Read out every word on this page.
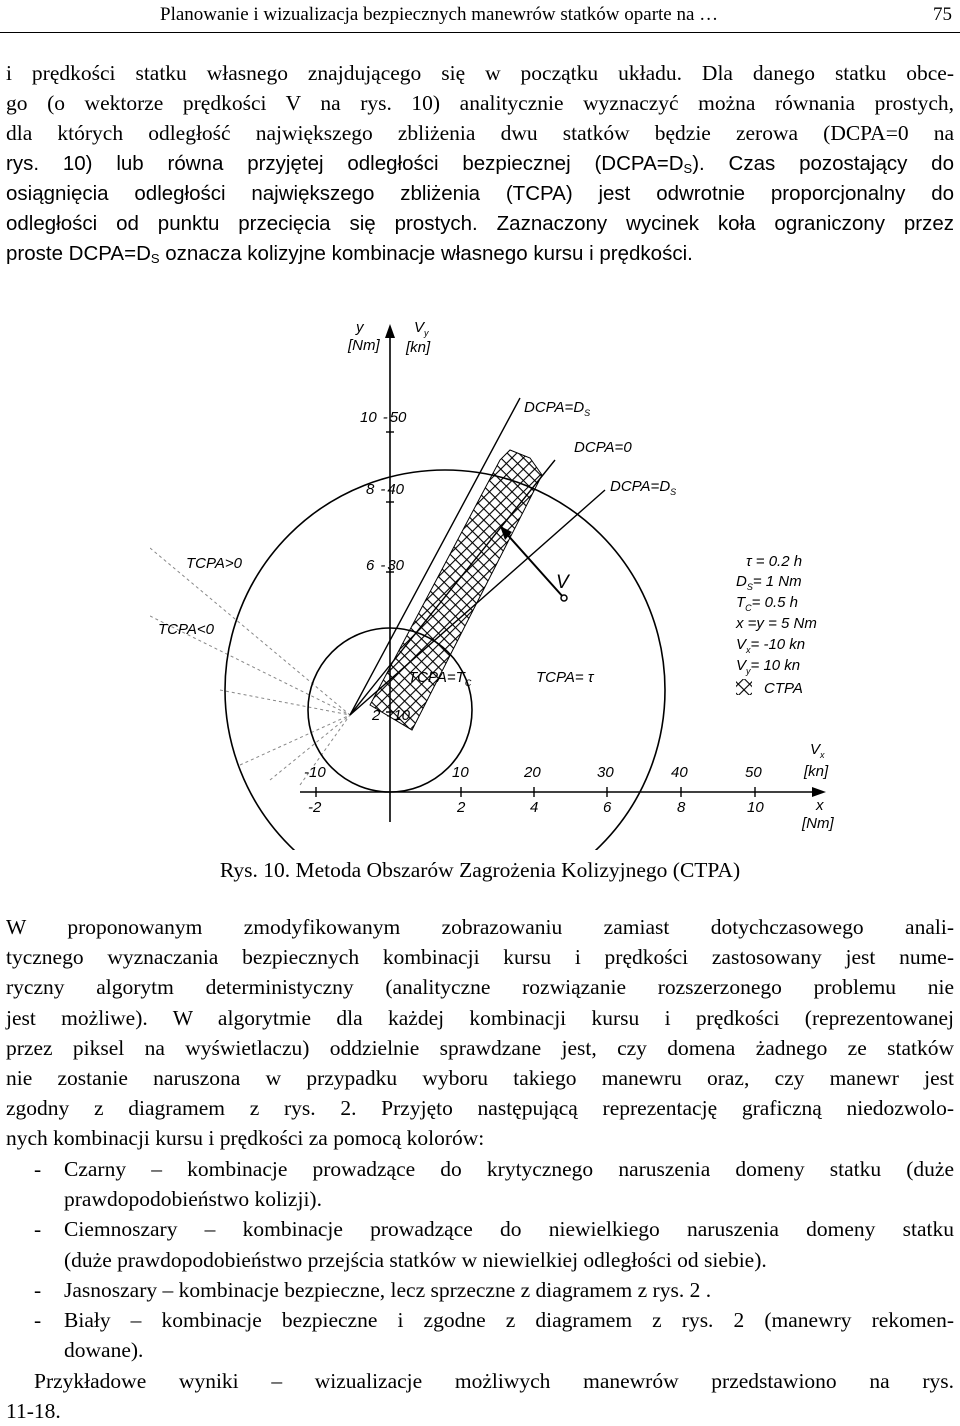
Planowanie i wizualizacja bezpiecznych manewrów statków oparte na …	75
i prędkości statku własnego znajdującego się w początku układu. Dla danego statku obce-
go (o wektorze prędkości V na rys. 10) analitycznie wyznaczyć można równania prostych,
dla których odległość największego zbliżenia dwu statków będzie zerowa (DCPA=0 na
rys. 10) lub równa przyjętej odległości bezpiecznej $(DCPA=D_S)$. Czas pozostający do
osiągnięcia odległości największego zbliżenia (TCPA) jest odwrotnie proporcjonalny do
odległości od punktu przecięcia się prostych. Zaznaczony wycinek koła ograniczony przez
proste $DCPA=D_S$ oznacza kolizyjne kombinacje własnego kursu i prędkości.
y
[Nm]
$V_y$
[kn]
$V_x$
[kn]
x
[Nm]
10 - 50
8 - 40
6 - 30
2 - 10
-10	10	20	30	40	50
-2	2	4	6	8	10
$DCPA=D_S$
DCPA=0
$DCPA=D_S$
TCPA>0
TCPA<0
$TCPA=T_C$	TCPA= τ
V
τ = 0.2 h
$D_S= 1$ Nm
$T_C= 0.5$ h
x =y = 5 Nm
$V_x= -10$ kn
$V_y= 10$ kn
CTPA
Rys. 10. Metoda Obszarów Zagrożenia Kolizyjnego (CTPA)
W proponowanym zmodyfikowanym zobrazowaniu zamiast dotychczasowego anali-
tycznego wyznaczania bezpiecznych kombinacji kursu i prędkości zastosowany jest nume-
ryczny algorytm deterministyczny (analityczne rozwiązanie rozszerzonego problemu nie
jest możliwe). W algorytmie dla każdej kombinacji kursu i prędkości (reprezentowanej
przez piksel na wyświetlaczu) oddzielnie sprawdzane jest, czy domena żadnego ze statków
nie zostanie naruszona w przypadku wyboru takiego manewru oraz, czy manewr jest
zgodny z diagramem z rys. 2. Przyjęto następującą reprezentację graficzną niedozwolo-
nych kombinacji kursu i prędkości za pomocą kolorów:
- Czarny – kombinacje prowadzące do krytycznego naruszenia domeny statku (duże
prawdopodobieństwo kolizji).
- Ciemnoszary – kombinacje prowadzące do niewielkiego naruszenia domeny statku
(duże prawdopodobieństwo przejścia statków w niewielkiej odległości od siebie).
- Jasnoszary – kombinacje bezpieczne, lecz sprzeczne z diagramem z rys. 2 .
- Biały – kombinacje bezpieczne i zgodne z diagramem z rys. 2 (manewry rekomen-
dowane).
Przykładowe wyniki – wizualizacje możliwych manewrów przedstawiono na rys.
11-18.
